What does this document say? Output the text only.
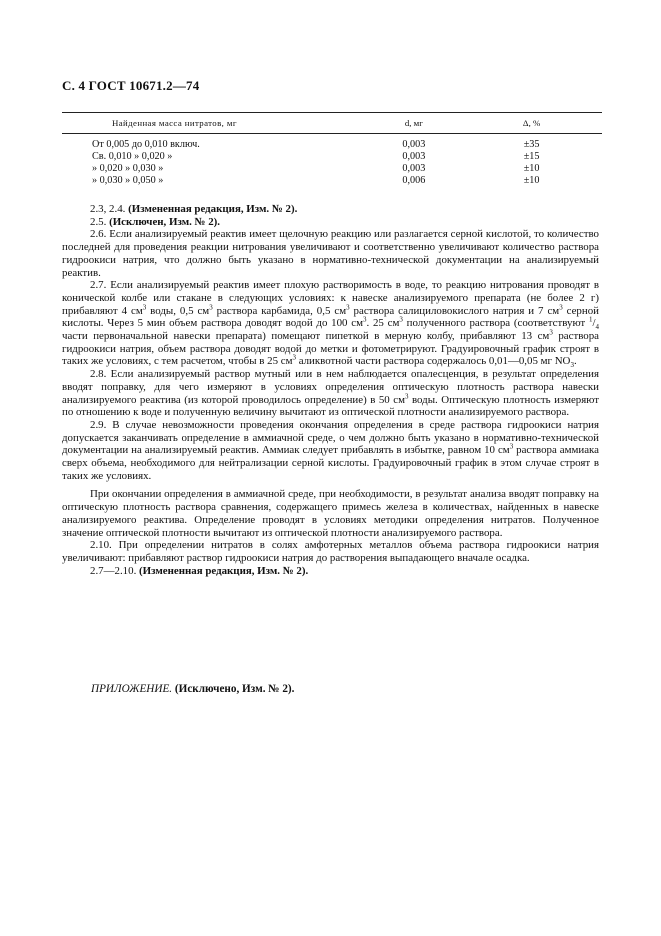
С. 4 ГОСТ 10671.2—74
Найденная масса нитратов, мг	d, мг	Δ, %
От 0,005 до 0,010 включ.	0,003	±35
Св. 0,010 » 0,020 »	0,003	±15
» 0,020 » 0,030 »	0,003	±10
» 0,030 » 0,050 »	0,006	±10

2.3, 2.4. (Измененная редакция, Изм. № 2).

2.5. (Исключен, Изм. № 2).

2.6. Если анализируемый реактив имеет щелочную реакцию или разлагается серной кислотой, то количество последней для проведения реакции нитрования увеличивают и соответственно увеличивают количество раствора гидроокиси натрия, что должно быть указано в нормативно-технической документации на анализируемый реактив.

2.7. Если анализируемый реактив имеет плохую растворимость в воде, то реакцию нитрования проводят в конической колбе или стакане в следующих условиях: к навеске анализируемого препарата (не более 2 г) прибавляют 4 $см^3$ воды, 0,5 $см^3$ раствора карбамида, 0,5 $см^3$ раствора салициловокислого натрия и 7 $см^3$ серной кислоты. Через 5 мин объем раствора доводят водой до 100 $см^3$. 25 $см^3$ полученного раствора (соответствуют $^1/_4$ части первоначальной навески препарата) помещают пипеткой в мерную колбу, прибавляют 13 $см^3$ раствора гидроокиси натрия, объем раствора доводят водой до метки и фотометрируют. Градуировочный график строят в таких же условиях, с тем расчетом, чтобы в 25 $см^3$ аликвотной части раствора содержалось 0,01—0,05 мг $NO_3$.

2.8. Если анализируемый раствор мутный или в нем наблюдается опалесценция, в результат определения вводят поправку, для чего измеряют в условиях определения оптическую плотность раствора навески анализируемого реактива (из которой проводилось определение) в 50 $см^3$ воды. Оптическую плотность измеряют по отношению к воде и полученную величину вычитают из оптической плотности анализируемого раствора.

2.9. В случае невозможности проведения окончания определения в среде раствора гидроокиси натрия допускается заканчивать определение в аммиачной среде, о чем должно быть указано в нормативно-технической документации на анализируемый реактив. Аммиак следует прибавлять в избытке, равном 10 $см^3$ раствора аммиака сверх объема, необходимого для нейтрализации серной кислоты. Градуировочный график в этом случае строят в таких же условиях.

При окончании определения в аммиачной среде, при необходимости, в результат анализа вводят поправку на оптическую плотность раствора сравнения, содержащего примесь железа в количествах, найденных в навеске анализируемого реактива. Определение проводят в условиях методики определения нитратов. Полученное значение оптической плотности вычитают из оптической плотности анализируемого раствора.

2.10. При определении нитратов в солях амфотерных металлов объема раствора гидроокиси натрия увеличивают: прибавляют раствор гидроокиси натрия до растворения выпадающего вначале осадка.

2.7—2.10. (Измененная редакция, Изм. № 2).

ПРИЛОЖЕНИЕ. (Исключено, Изм. № 2).
